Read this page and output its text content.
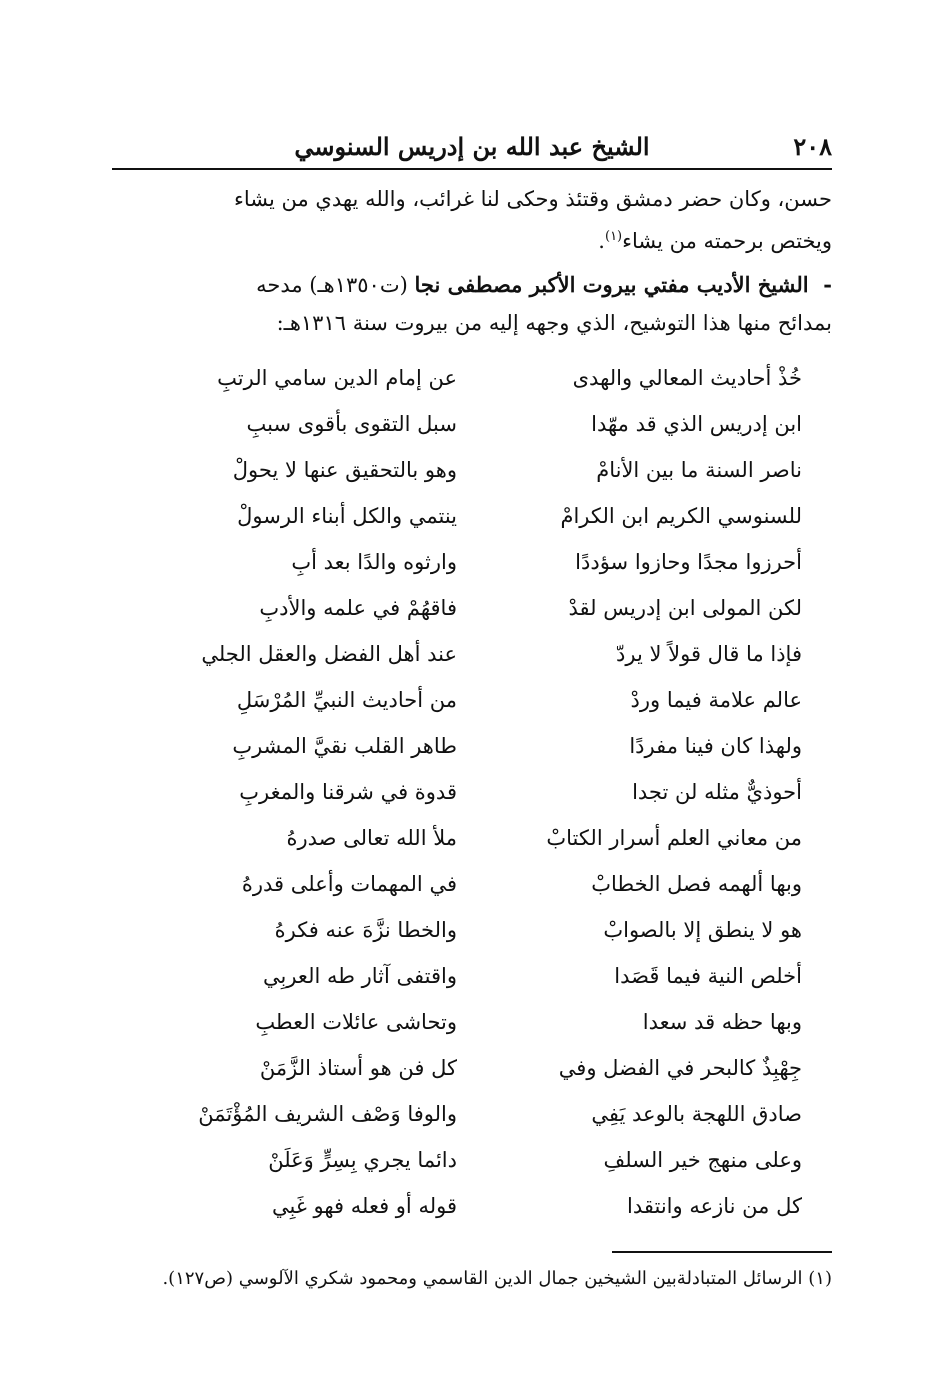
٢٠٨
الشيخ عبد الله بن إدريس السنوسي
حسن، وكان حضر دمشق وقتئذ وحكى لنا غرائب، والله يهدي من يشاء
ويختص برحمته من يشاء$^{(١)}$.
- الشيخ الأديب مفتي بيروت الأكبر مصطفى نجا (ت١٣٥٠هـ) مدحه
بمدائح منها هذا التوشيح، الذي وجهه إليه من بيروت سنة ١٣١٦هـ:
خُذْ أحاديث المعالي والهدى
عن إمام الدين سامي الرتبِ
ابن إدريس الذي قد مهّدا
سبل التقوى بأقوى سببِ
ناصر السنة ما بين الأنامْ
وهو بالتحقيق عنها لا يحولْ
للسنوسي الكريم ابن الكرامْ
ينتمي والكل أبناء الرسولْ
أحرزوا مجدًا وحازوا سؤددًا
وارثوه والدًا بعد أبِ
لكن المولى ابن إدريس لقدْ
فاقهُمْ في علمه والأدبِ
فإذا ما قال قولاً لا يردّ
عند أهل الفضل والعقل الجلي
عالم علامة فيما وردْ
من أحاديث النبيِّ المُرْسَلِ
ولهذا كان فينا مفردًا
طاهر القلب نقيَّ المشربِ
أحوذيٌّ مثله لن تجدا
قدوة في شرقنا والمغربِ
من معاني العلم أسرار الكتابْ
ملأ الله تعالى صدرهُ
وبها ألهمه فصل الخطابْ
في المهمات وأعلى قدرهُ
هو لا ينطق إلا بالصوابْ
والخطا نزَّهَ عنه فكرهُ
أخلص النية فيما قَصَدا
واقتفى آثار طه العربِي
وبها حظه قد سعدا
وتحاشى عائلات العطبِ
جِهْبِذٌ كالبحر في الفضل وفي
كل فن هو أستاذ الزَّمَنْ
صادق اللهجة بالوعد يَفِي
والوفا وَصْف الشريف المُؤْتَمَنْ
وعلى منهج خير السلفِ
دائما يجري بِسِرٍّ وَعَلَنْ
كل من نازعه وانتقدا
قوله أو فعله فهو غَبِي
(١) الرسائل المتبادلةبين الشيخين جمال الدين القاسمي ومحمود شكري الآلوسي (ص١٢٧).
